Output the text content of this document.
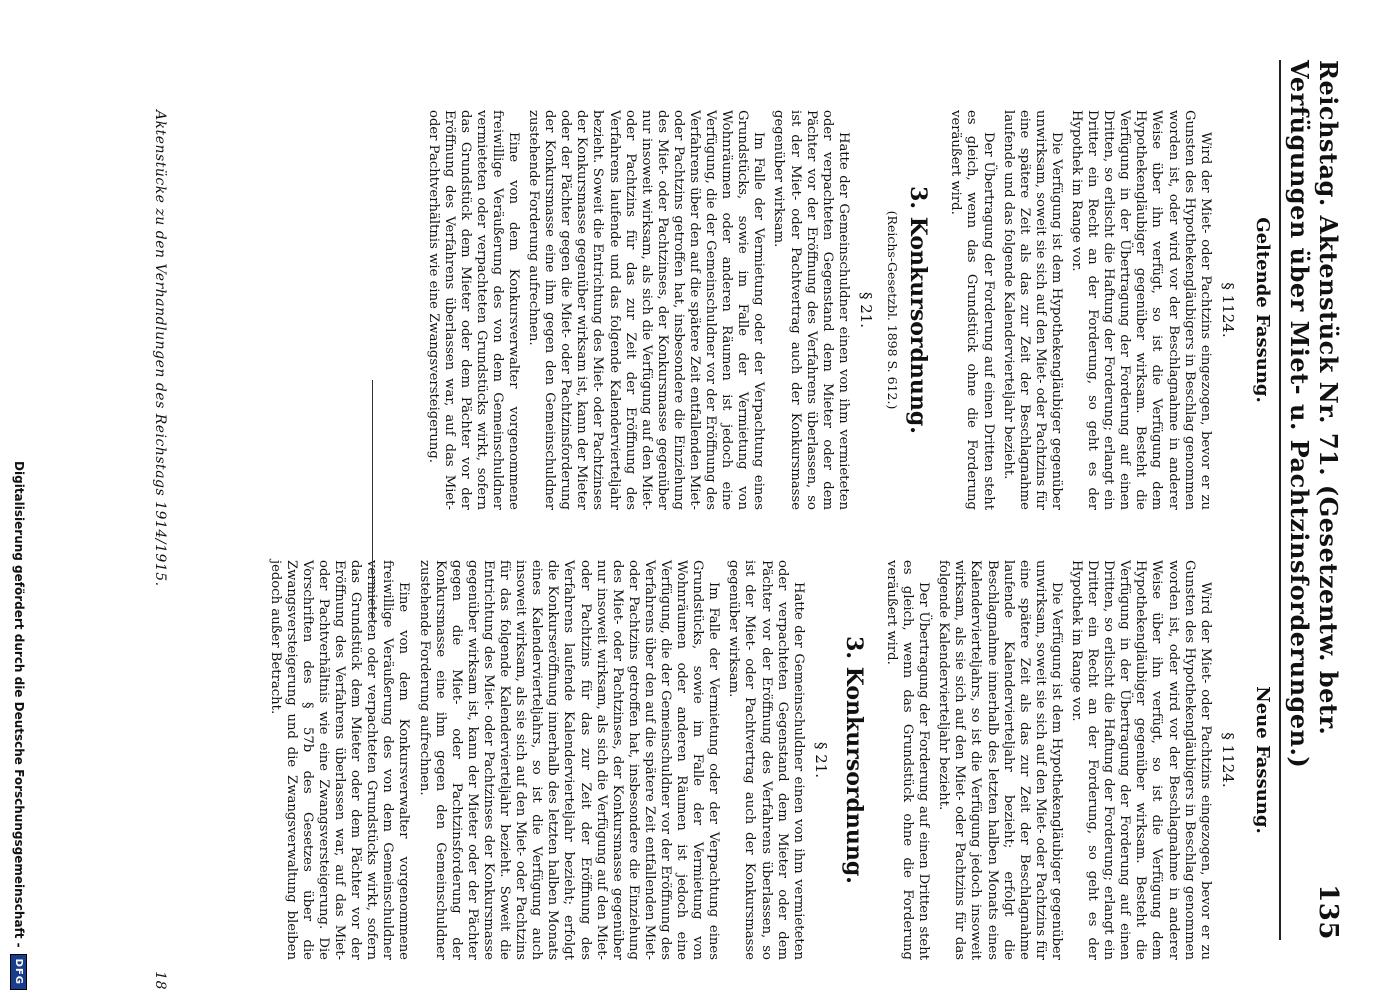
Reichstag. Aktenstück Nr. 71. (Gesetzentw. betr. Verfügungen über Miet- u. Pachtzinsforderungen.)
135
Geltende Fassung.
§ 1124.

Wird der Miet- oder Pachtzins eingezogen, bevor er zu Gunsten des Hypothekengläubigers in Beschlag genommen worden ist, oder wird vor der Beschlagnahme in anderer Weise über ihn verfügt, so ist die Verfügung dem Hypothekengläubiger gegenüber wirksam. Besteht die Verfügung in der Übertragung der Forderung auf einen Dritten, so erlischt die Haftung der Forderung; erlangt ein Dritter ein Recht an der Forderung, so geht es der Hypothek im Range vor.

Die Verfügung ist dem Hypothekengläubiger gegenüber unwirksam, soweit sie sich auf den Miet- oder Pachtzins für eine spätere Zeit als das zur Zeit der Beschlagnahme laufende und das folgende Kalendervierteljahr bezieht.

Der Übertragung der Forderung auf einen Dritten steht es gleich, wenn das Grundstück ohne die Forderung veräußert wird.

3. Konkursordnung.
(Reichs-Gesetzbl. 1898 S. 612.)
§ 21.

Hatte der Gemeinschuldner einen von ihm vermieteten oder verpachteten Gegenstand dem Mieter oder dem Pächter vor der Eröffnung des Verfahrens überlassen, so ist der Miet- oder Pachtvertrag auch der Konkursmasse gegenüber wirksam.

Im Falle der Vermietung oder der Verpachtung eines Grundstücks, sowie im Falle der Vermietung von Wohnräumen oder anderen Räumen ist jedoch eine Verfügung, die der Gemeinschuldner vor der Eröffnung des Verfahrens über den auf die spätere Zeit entfallenden Miet- oder Pachtzins getroffen hat, insbesondere die Einziehung des Miet- oder Pachtzinses, der Konkursmasse gegenüber nur insoweit wirksam, als sich die Verfügung auf den Miet- oder Pachtzins für das zur Zeit der Eröffnung des Verfahrens laufende und das folgende Kalendervierteljahr bezieht. Soweit die Entrichtung des Miet- oder Pachtzinses der Konkursmasse gegenüber wirksam ist, kann der Mieter oder der Pächter gegen die Miet- oder Pachtzinsforderung der Konkursmasse eine ihm gegen den Gemeinschuldner zustehende Forderung aufrechnen.

Eine von dem Konkursverwalter vorgenommene freiwillige Veräußerung des von dem Gemeinschuldner vermieteten oder verpachteten Grundstücks wirkt, sofern das Grundstück dem Mieter oder dem Pächter vor der Eröffnung des Verfahrens überlassen war, auf das Miet- oder Pachtverhältnis wie eine Zwangsversteigerung.

Neue Fassung.
§ 1124.

Wird der Miet- oder Pachtzins eingezogen, bevor er zu Gunsten des Hypothekengläubigers in Beschlag genommen worden ist, oder wird vor der Beschlagnahme in anderer Weise über ihn verfügt, so ist die Verfügung dem Hypothekengläubiger gegenüber wirksam. Besteht die Verfügung in der Übertragung der Forderung auf einen Dritten, so erlischt die Haftung der Forderung; erlangt ein Dritter ein Recht an der Forderung, so geht es der Hypothek im Range vor.

Die Verfügung ist dem Hypothekengläubiger gegenüber unwirksam, soweit sie sich auf den Miet- oder Pachtzins für eine spätere Zeit als das zur Zeit der Beschlagnahme laufende Kalendervierteljahr bezieht; erfolgt die Beschlagnahme innerhalb des letzten halben Monats eines Kalendervierteljahrs, so ist die Verfügung jedoch insoweit wirksam, als sie sich auf den Miet- oder Pachtzins für das folgende Kalendervierteljahr bezieht.

Der Übertragung der Forderung auf einen Dritten steht es gleich, wenn das Grundstück ohne die Forderung veräußert wird.

3. Konkursordnung.
§ 21.

Hatte der Gemeinschuldner einen von ihm vermieteten oder verpachteten Gegenstand dem Mieter oder dem Pächter vor der Eröffnung des Verfahrens überlassen, so ist der Miet- oder Pachtvertrag auch der Konkursmasse gegenüber wirksam.

Im Falle der Vermietung oder der Verpachtung eines Grundstücks, sowie im Falle der Vermietung von Wohnräumen oder anderen Räumen ist jedoch eine Verfügung, die der Gemeinschuldner vor der Eröffnung des Verfahrens über den auf die spätere Zeit entfallenden Miet- oder Pachtzins getroffen hat, insbesondere die Einziehung des Miet- oder Pachtzinses, der Konkursmasse gegenüber nur insoweit wirksam, als sich die Verfügung auf den Miet- oder Pachtzins für das zur Zeit der Eröffnung des Verfahrens laufende Kalendervierteljahr bezieht; erfolgt die Konkurseröffnung innerhalb des letzten halben Monats eines Kalendervierteljahrs, so ist die Verfügung auch insoweit wirksam, als sie sich auf den Miet- oder Pachtzins für das folgende Kalendervierteljahr bezieht. Soweit die Entrichtung des Miet- oder Pachtzinses der Konkursmasse gegenüber wirksam ist, kann der Mieter oder der Pächter gegen die Miet- oder Pachtzinsforderung der Konkursmasse eine ihm gegen den Gemeinschuldner zustehende Forderung aufrechnen.

Eine von dem Konkursverwalter vorgenommene freiwillige Veräußerung des von dem Gemeinschuldner vermieteten oder verpachteten Grundstücks wirkt, sofern das Grundstück dem Mieter oder dem Pächter vor der Eröffnung des Verfahrens überlassen war, auf das Miet- oder Pachtverhältnis wie eine Zwangsversteigerung. Die Vorschriften des § 57b des Gesetzes über die Zwangsversteigerung und die Zwangsverwaltung bleiben jedoch außer Betracht.

Aktenstücke zu den Verhandlungen des Reichstags 1914/1915.
18
Digitalisierung gefördert durch die Deutsche Forschungsgemeinschaft -
DFG
